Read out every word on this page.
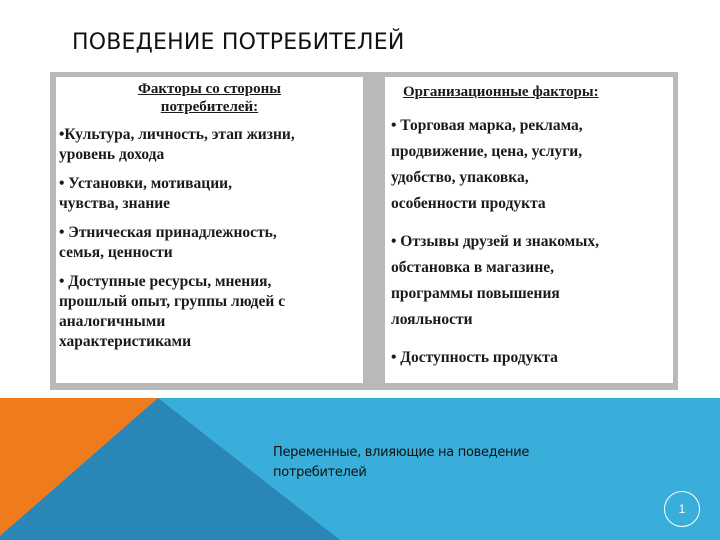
ПОВЕДЕНИЕ ПОТРЕБИТЕЛЕЙ
Факторы со стороны
потребителей:
•Культура, личность, этап жизни,
уровень дохода
• Установки, мотивации,
чувства, знание
• Этническая принадлежность,
семья, ценности
• Доступные ресурсы, мнения,
прошлый опыт, группы людей с
аналогичными
характеристиками
Организационные факторы:
• Торговая марка, реклама,
продвижение, цена, услуги,
удобство, упаковка,
особенности продукта
• Отзывы друзей и знакомых,
обстановка в магазине,
программы повышения
лояльности
• Доступность продукта
Переменные, влияющие на поведение
потребителей
1
